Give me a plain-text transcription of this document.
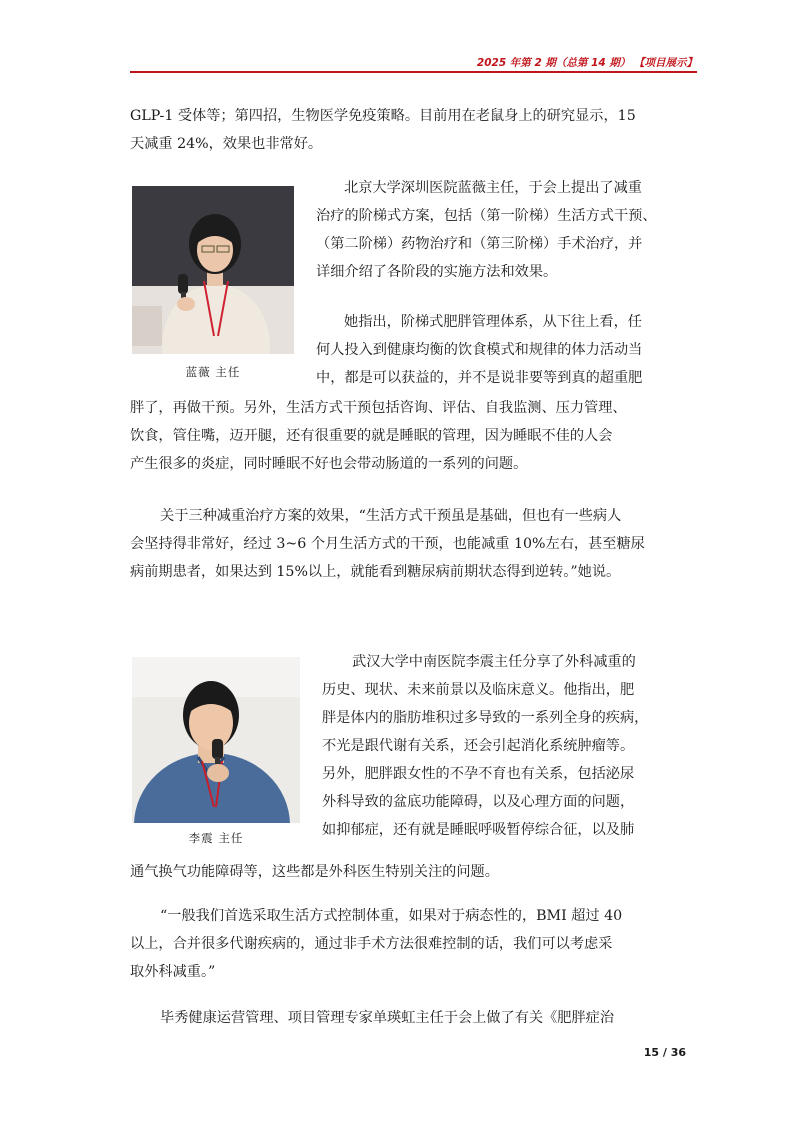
2025 年第 2 期（总第 14 期） 【项目展示】
GLP-1 受体等；第四招，生物医学免疫策略。目前用在老鼠身上的研究显示，15
天减重 24%，效果也非常好。
蓝薇 主任
北京大学深圳医院蓝薇主任，于会上提出了减重
治疗的阶梯式方案，包括（第一阶梯）生活方式干预、
（第二阶梯）药物治疗和（第三阶梯）手术治疗，并
详细介绍了各阶段的实施方法和效果。
她指出，阶梯式肥胖管理体系，从下往上看，任
何人投入到健康均衡的饮食模式和规律的体力活动当
中，都是可以获益的，并不是说非要等到真的超重肥
胖了，再做干预。另外，生活方式干预包括咨询、评估、自我监测、压力管理、
饮食，管住嘴，迈开腿，还有很重要的就是睡眠的管理，因为睡眠不佳的人会
产生很多的炎症，同时睡眠不好也会带动肠道的一系列的问题。
关于三种减重治疗方案的效果，“生活方式干预虽是基础，但也有一些病人
会坚持得非常好，经过 3~6 个月生活方式的干预，也能减重 10%左右，甚至糖尿
病前期患者，如果达到 15%以上，就能看到糖尿病前期状态得到逆转。”她说。
李震 主任
武汉大学中南医院李震主任分享了外科减重的
历史、现状、未来前景以及临床意义。他指出，肥
胖是体内的脂肪堆积过多导致的一系列全身的疾病，
不光是跟代谢有关系，还会引起消化系统肿瘤等。
另外，肥胖跟女性的不孕不育也有关系，包括泌尿
外科导致的盆底功能障碍，以及心理方面的问题，
如抑郁症，还有就是睡眠呼吸暂停综合征，以及肺
通气换气功能障碍等，这些都是外科医生特别关注的问题。
“一般我们首选采取生活方式控制体重，如果对于病态性的，BMI 超过 40
以上，合并很多代谢疾病的，通过非手术方法很难控制的话，我们可以考虑采
取外科减重。”
毕秀健康运营管理、项目管理专家单瑛虹主任于会上做了有关《肥胖症治
15 / 36
